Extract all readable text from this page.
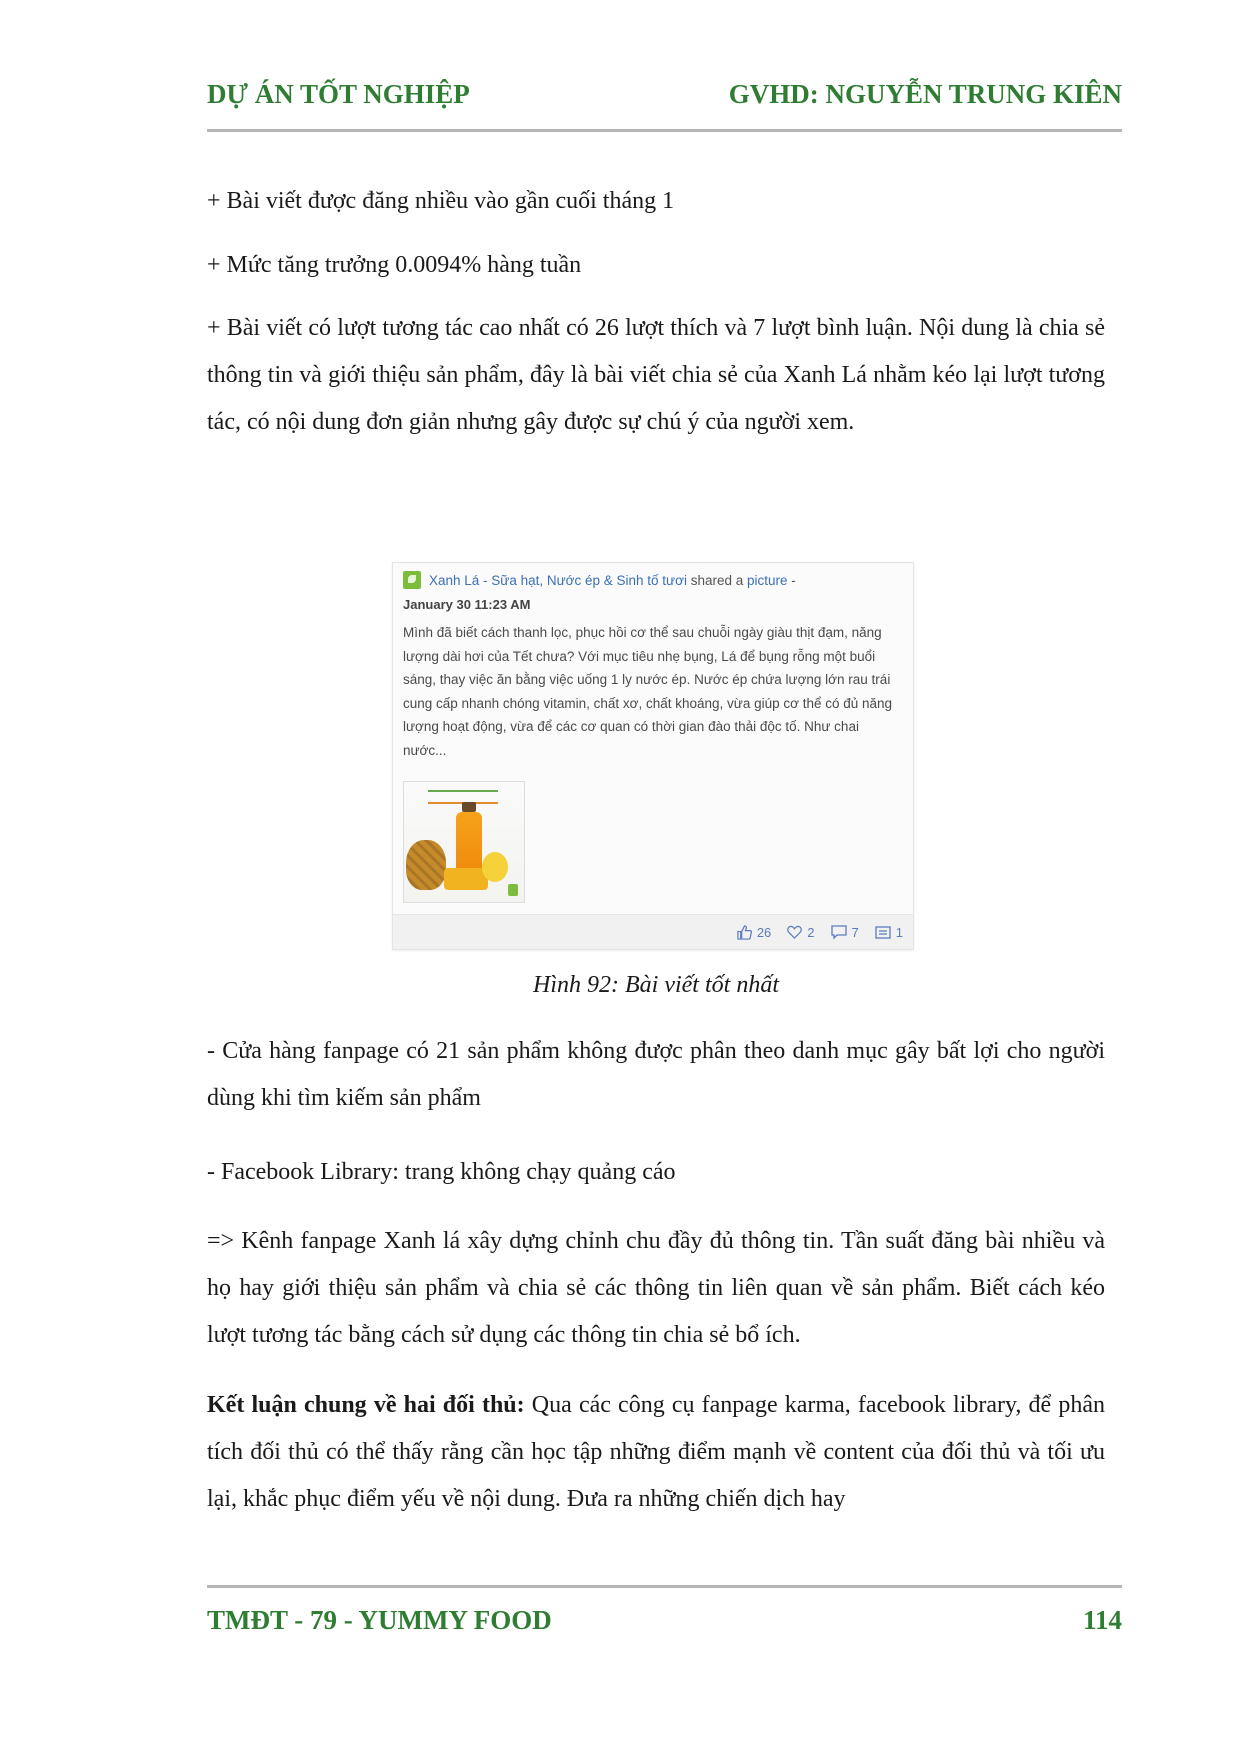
DỰ ÁN TỐT NGHIỆP	GVHD: NGUYỄN TRUNG KIÊN

+ Bài viết được đăng nhiều vào gần cuối tháng 1

+ Mức tăng trưởng 0.0094% hàng tuần

+ Bài viết có lượt tương tác cao nhất có 26 lượt thích và 7 lượt bình luận. Nội dung là chia sẻ thông tin và giới thiệu sản phẩm, đây là bài viết chia sẻ của Xanh Lá nhằm kéo lại lượt tương tác, có nội dung đơn giản nhưng gây được sự chú ý của người xem.

Xanh Lá - Sữa hạt, Nước ép & Sinh tố tươi shared a picture -
January 30 11:23 AM
Mình đã biết cách thanh lọc, phục hồi cơ thể sau chuỗi ngày giàu thịt đạm, năng lượng dài hơi của Tết chưa? Với mục tiêu nhẹ bụng, Lá để bụng rỗng một buổi sáng, thay việc ăn bằng việc uống 1 ly nước ép. Nước ép chứa lượng lớn rau trái cung cấp nhanh chóng vitamin, chất xơ, chất khoáng, vừa giúp cơ thể có đủ năng lượng hoạt động, vừa để các cơ quan có thời gian đào thải độc tố. Như chai nước...
26	2	7	1
Hình 92: Bài viết tốt nhất

- Cửa hàng fanpage có 21 sản phẩm không được phân theo danh mục gây bất lợi cho người dùng khi tìm kiếm sản phẩm

- Facebook Library: trang không chạy quảng cáo

=> Kênh fanpage Xanh lá xây dựng chỉnh chu đầy đủ thông tin. Tần suất đăng bài nhiều và họ hay giới thiệu sản phẩm và chia sẻ các thông tin liên quan về sản phẩm. Biết cách kéo lượt tương tác bằng cách sử dụng các thông tin chia sẻ bổ ích.

Kết luận chung về hai đối thủ: Qua các công cụ fanpage karma, facebook library, để phân tích đối thủ có thể thấy rằng cần học tập những điểm mạnh về content của đối thủ và tối ưu lại, khắc phục điểm yếu về nội dung. Đưa ra những chiến dịch hay

TMĐT - 79 - YUMMY FOOD	114
